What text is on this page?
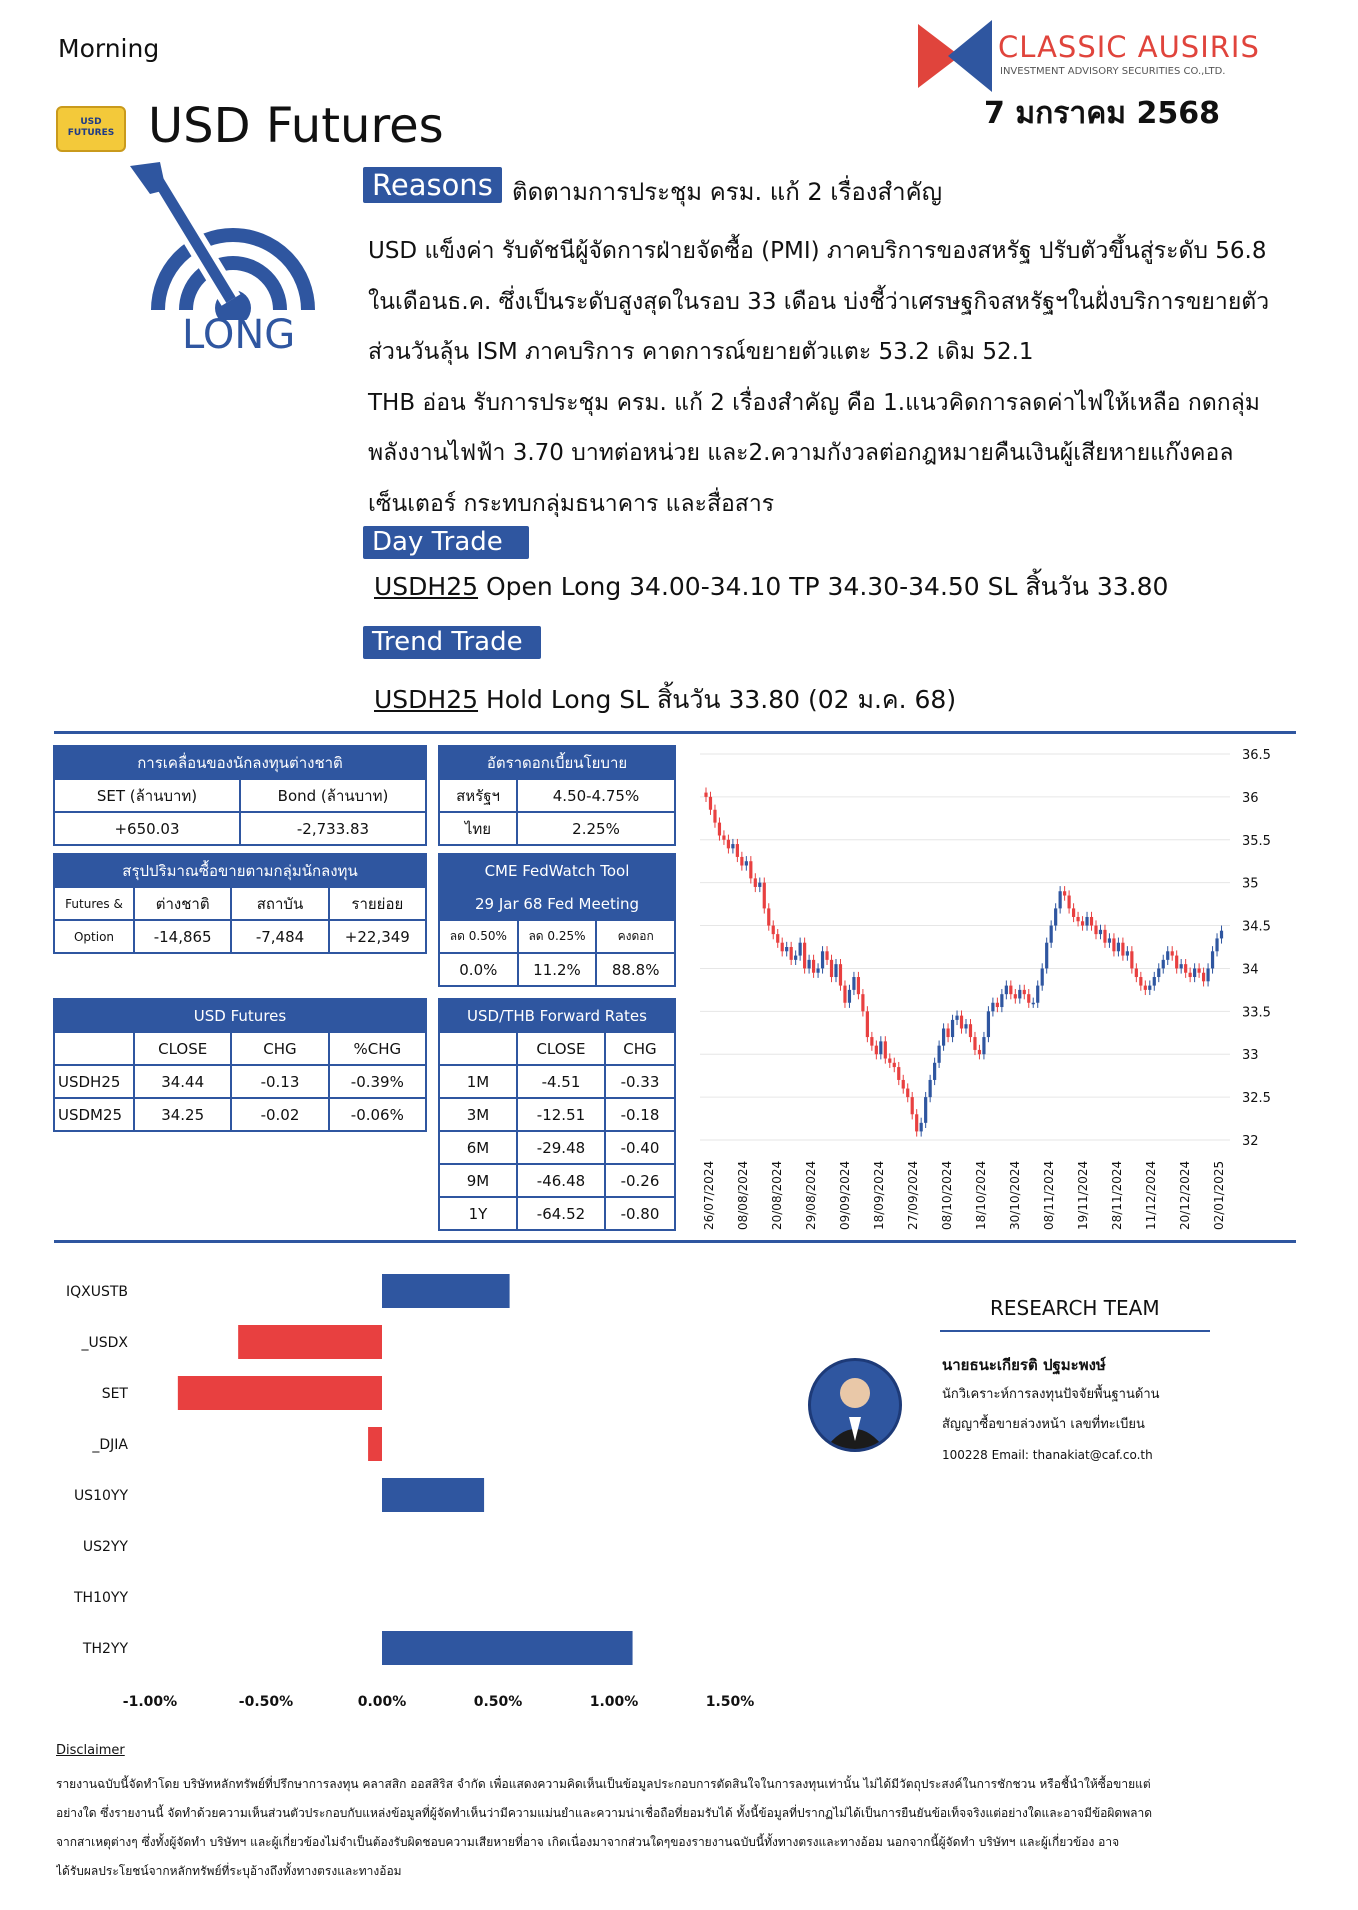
Morning
USD FUTURES USD Futures
CLASSIC AUSIRIS
INVESTMENT ADVISORY SECURITIES CO.,LTD.
7 มกราคม 2568
LONG
Reasons ติดตามการประชุม ครม. แก้ 2 เรื่องสำคัญ
USD แข็งค่า รับดัชนีผู้จัดการฝ่ายจัดซื้อ (PMI) ภาคบริการของสหรัฐ ปรับตัวขึ้นสู่ระดับ 56.8
ในเดือนธ.ค. ซึ่งเป็นระดับสูงสุดในรอบ 33 เดือน บ่งชี้ว่าเศรษฐกิจสหรัฐฯในฝั่งบริการขยายตัว
ส่วนวันลุ้น ISM ภาคบริการ คาดการณ์ขยายตัวแตะ 53.2 เดิม 52.1
THB อ่อน รับการประชุม ครม. แก้ 2 เรื่องสำคัญ คือ 1.แนวคิดการลดค่าไฟให้เหลือ กดกลุ่ม
พลังงานไฟฟ้า 3.70 บาทต่อหน่วย และ2.ความกังวลต่อกฎหมายคืนเงินผู้เสียหายแก๊งคอล
เซ็นเตอร์ กระทบกลุ่มธนาคาร และสื่อสาร
Day Trade
USDH25 Open Long 34.00-34.10 TP 34.30-34.50 SL สิ้นวัน 33.80
Trend Trade
USDH25 Hold Long SL สิ้นวัน 33.80 (02 ม.ค. 68)
การเคลื่อนของนักลงทุนต่างชาติ	
SET (ล้านบาท)	Bond (ล้านบาท)
+650.03	-2,733.83
อัตราดอกเบี้ยนโยบาย	
สหรัฐฯ	4.50-4.75%
ไทย	2.25%
สรุปปริมาณซื้อขายตามกลุ่มนักลงทุน			
Futures &	ต่างชาติ	สถาบัน	รายย่อย
Option	-14,865	-7,484	+22,349
CME FedWatch Tool		
29 Jar 68 Fed Meeting		
ลด 0.50%	ลด 0.25%	คงดอก
0.0%	11.2%	88.8%
USD Futures			
	CLOSE	CHG	%CHG
USDH25	34.44	-0.13	-0.39%
USDM25	34.25	-0.02	-0.06%
USD/THB Forward Rates		
	CLOSE	CHG
1M	-4.51	-0.33
3M	-12.51	-0.18
6M	-29.48	-0.40
9M	-46.48	-0.26
1Y	-64.52	-0.80
36.5
36
35.5
35
34.5
34
33.5
33
32.5
32
26/07/2024 08/08/2024 20/08/2024 29/08/2024 09/09/2024 18/09/2024 27/09/2024 08/10/2024 18/10/2024 30/10/2024 08/11/2024 19/11/2024 28/11/2024 11/12/2024 20/12/2024 02/01/2025
IQXUSTB
_USDX
SET
_DJIA
US10YY
US2YY
TH10YY
TH2YY
-1.00%	-0.50%	0.00%	0.50%	1.00%	1.50%
RESEARCH TEAM
นายธนะเกียรติ ปฐมะพงษ์
นักวิเคราะห์การลงทุนปัจจัยพื้นฐานด้าน
สัญญาซื้อขายล่วงหน้า เลขที่ทะเบียน
100228 Email: thanakiat@caf.co.th
Disclaimer
รายงานฉบับนี้จัดทำโดย บริษัทหลักทรัพย์ที่ปรึกษาการลงทุน คลาสสิก ออสสิริส จำกัด เพื่อแสดงความคิดเห็นเป็นข้อมูลประกอบการตัดสินใจในการลงทุนเท่านั้น ไม่ได้มีวัตถุประสงค์ในการชักชวน หรือชี้นำให้ซื้อขายแต่
อย่างใด ซึ่งรายงานนี้ จัดทำด้วยความเห็นส่วนตัวประกอบกับแหล่งข้อมูลที่ผู้จัดทำเห็นว่ามีความแม่นยำและความน่าเชื่อถือที่ยอมรับได้ ทั้งนี้ข้อมูลที่ปรากฏไม่ได้เป็นการยืนยันข้อเท็จจริงแต่อย่างใดและอาจมีข้อผิดพลาด
จากสาเหตุต่างๆ ซึ่งทั้งผู้จัดทำ บริษัทฯ และผู้เกี่ยวข้องไม่จำเป็นต้องรับผิดชอบความเสียหายที่อาจ เกิดเนื่องมาจากส่วนใดๆของรายงานฉบับนี้ทั้งทางตรงและทางอ้อม นอกจากนี้ผู้จัดทำ บริษัทฯ และผู้เกี่ยวข้อง อาจ
ได้รับผลประโยชน์จากหลักทรัพย์ที่ระบุอ้างถึงทั้งทางตรงและทางอ้อม
